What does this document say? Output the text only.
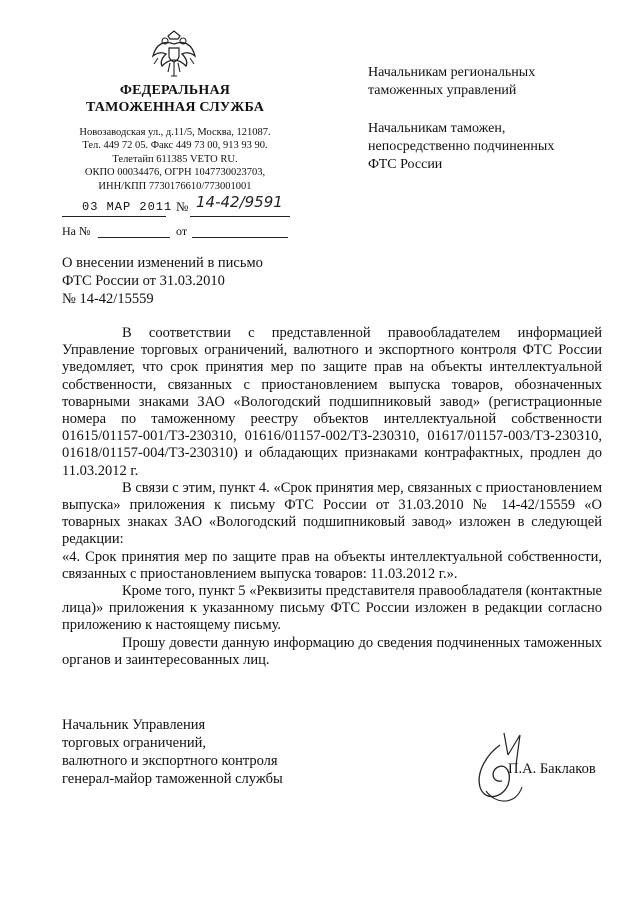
ФЕДЕРАЛЬНАЯ
ТАМОЖЕННАЯ СЛУЖБА
Новозаводская ул., д.11/5, Москва, 121087.
Тел. 449 72 05. Факс 449 73 00, 913 93 90.
Телетайп 611385 VETO RU.
ОКПО 00034476, ОГРН 1047730023703,
ИНН/КПП 7730176610/773001001
03 МАР 2011 № 14-42/9591
На №	от
Начальникам региональных
таможенных управлений
Начальникам таможен,
непосредственно подчиненных
ФТС России
О внесении изменений в письмо
ФТС России от 31.03.2010
№ 14-42/15559

В соответствии с представленной правообладателем информацией Управление торговых ограничений, валютного и экспортного контроля ФТС России уведомляет, что срок принятия мер по защите прав на объекты интеллектуальной собственности, связанных с приостановлением выпуска товаров, обозначенных товарными знаками ЗАО «Вологодский подшипниковый завод» (регистрационные номера по таможенному реестру объектов интеллектуальной собственности 01615/01157-001/ТЗ-230310, 01616/01157-002/ТЗ-230310, 01617/01157-003/ТЗ-230310, 01618/01157-004/ТЗ-230310) и обладающих признаками контрафактных, продлен до 11.03.2012 г.

В связи с этим, пункт 4. «Срок принятия мер, связанных с приостановлением выпуска» приложения к письму ФТС России от 31.03.2010 № 14-42/15559 «О товарных знаках ЗАО «Вологодский подшипниковый завод» изложен в следующей редакции:

«4. Срок принятия мер по защите прав на объекты интеллектуальной собственности, связанных с приостановлением выпуска товаров: 11.03.2012 г.».

Кроме того, пункт 5 «Реквизиты представителя правообладателя (контактные лица)» приложения к указанному письму ФТС России изложен в редакции согласно приложению к настоящему письму.

Прошу довести данную информацию до сведения подчиненных таможенных органов и заинтересованных лиц.

Начальник Управления
торговых ограничений,
валютного и экспортного контроля
генерал-майор таможенной службы
П.А. Баклаков
